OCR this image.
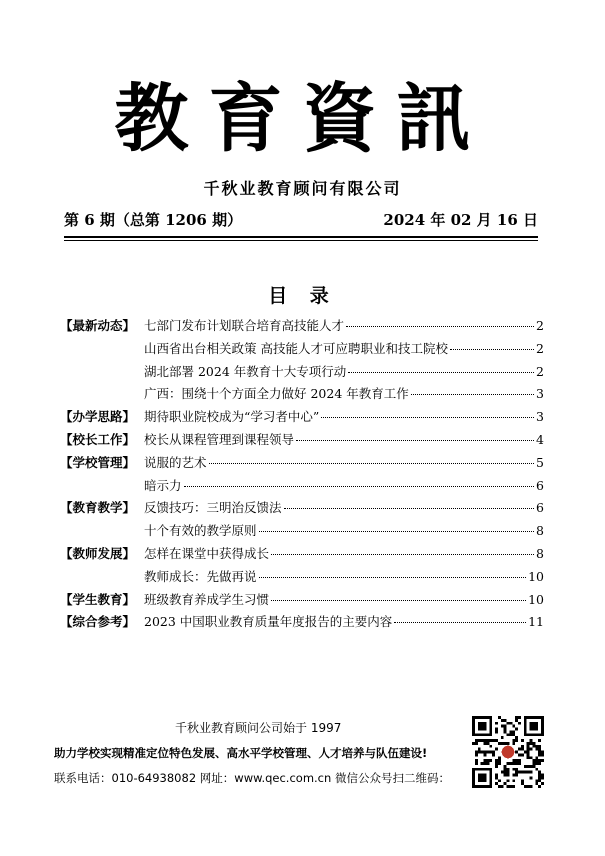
教育資訊
千秋业教育顾问有限公司
第 6 期（总第 1206 期）	2024 年 02 月 16 日
目 录
【最新动态】 七部门发布计划联合培育高技能人才	2
山西省出台相关政策 高技能人才可应聘职业和技工院校	2
湖北部署 2024 年教育十大专项行动	2
广西：围绕十个方面全力做好 2024 年教育工作	3
【办学思路】 期待职业院校成为“学习者中心”	3
【校长工作】 校长从课程管理到课程领导	4
【学校管理】 说服的艺术	5
暗示力	6
【教育教学】 反馈技巧：三明治反馈法	6
十个有效的教学原则	8
【教师发展】 怎样在课堂中获得成长	8
教师成长：先做再说	10
【学生教育】 班级教育养成学生习惯	10
【综合参考】 2023 中国职业教育质量年度报告的主要内容	11
千秋业教育顾问公司始于 1997
助力学校实现精准定位特色发展、高水平学校管理、人才培养与队伍建设!
联系电话：010-64938082 网址：www.qec.com.cn 微信公众号扫二维码：
